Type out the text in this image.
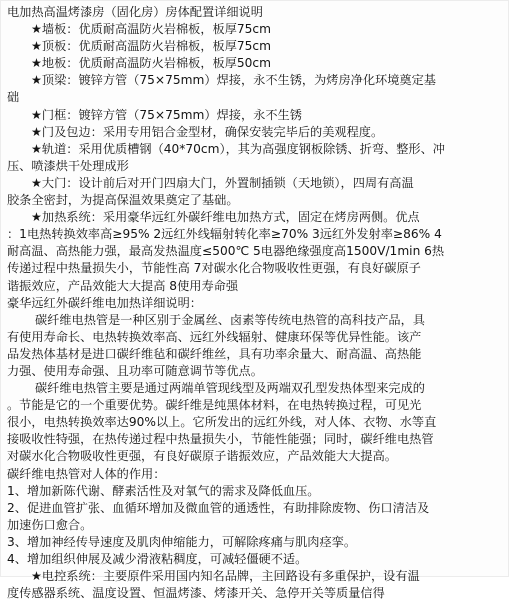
电加热高温烤漆房（固化房）房体配置详细说明

★墙板：优质耐高温防火岩棉板，板厚75cm

★顶板：优质耐高温防火岩棉板，板厚75cm

★地板：优质耐高温防火岩棉板，板厚50cm

★顶梁：镀锌方管（75×75mm）焊接，永不生锈，为烤房净化环境奠定基

础

★门框：镀锌方管（75×75mm）焊接，永不生锈

★门及包边：采用专用铝合金型材，确保安装完毕后的美观程度。

★轨道：采用优质槽钢（40*70cm），其为高强度钢板除锈、折弯、整形、冲

压、喷漆烘干处理成形

★大门：设计前后对开门四扇大门，外置制插锁（天地锁），四周有高温

胶条全密封，为提高保温效果奠定了基础。

★加热系统：采用豪华远红外碳纤维电加热方式，固定在烤房两侧。优点

：1电热转换效率高≥95% 2远红外线辐射转化率≥70% 3远红外发射率≥86% 4

耐高温、高热能力强，最高发热温度≤500℃ 5电器绝缘强度高1500V/1min 6热

传递过程中热量损失小，节能性高 7对碳水化合物吸收性更强，有良好碳原子

谐振效应，产品效能大大提高 8使用寿命强

豪华远红外碳纤维电加热详细说明：

碳纤维电热管是一种区别于金属丝、卤素等传统电热管的高科技产品，具

有使用寿命长、电热转换效率高、远红外线辐射、健康环保等优异性能。该产

品发热体基材是进口碳纤维毡和碳纤维丝，具有功率余量大、耐高温、高热能

力强、使用寿命强、且功率可随意调节等优点。

碳纤维电热管主要是通过两端单管现线型及两端双孔型发热体型来完成的

。节能是它的一个重要优势。碳纤维是纯黑体材料，在电热转换过程，可见光

很小，电热转换效率达90%以上。它所发出的远红外线，对人体、衣物、水等直

接吸收性特强，在热传递过程中热量损失小，节能性能强；同时，碳纤维电热管

对碳水化合物吸收性更强，有良好碳原子谐振效应，产品效能大大提高。

碳纤维电热管对人体的作用：

1、增加新陈代谢、酵素活性及对氧气的需求及降低血压。

2、促进血管扩张、血循环增加及微血管的通透性，有助排除废物、伤口清洁及

加速伤口愈合。

3、增加神经传导速度及肌肉伸缩能力，可解除疼痛与肌肉痉挛。

4、增加组织伸展及减少滑液粘稠度，可减轻僵硬不适。

★电控系统：主要原件采用国内知名品牌，主回路设有多重保护，设有温

度传感器系统、温度设置、恒温烤漆、烤漆开关、急停开关等质量信得
